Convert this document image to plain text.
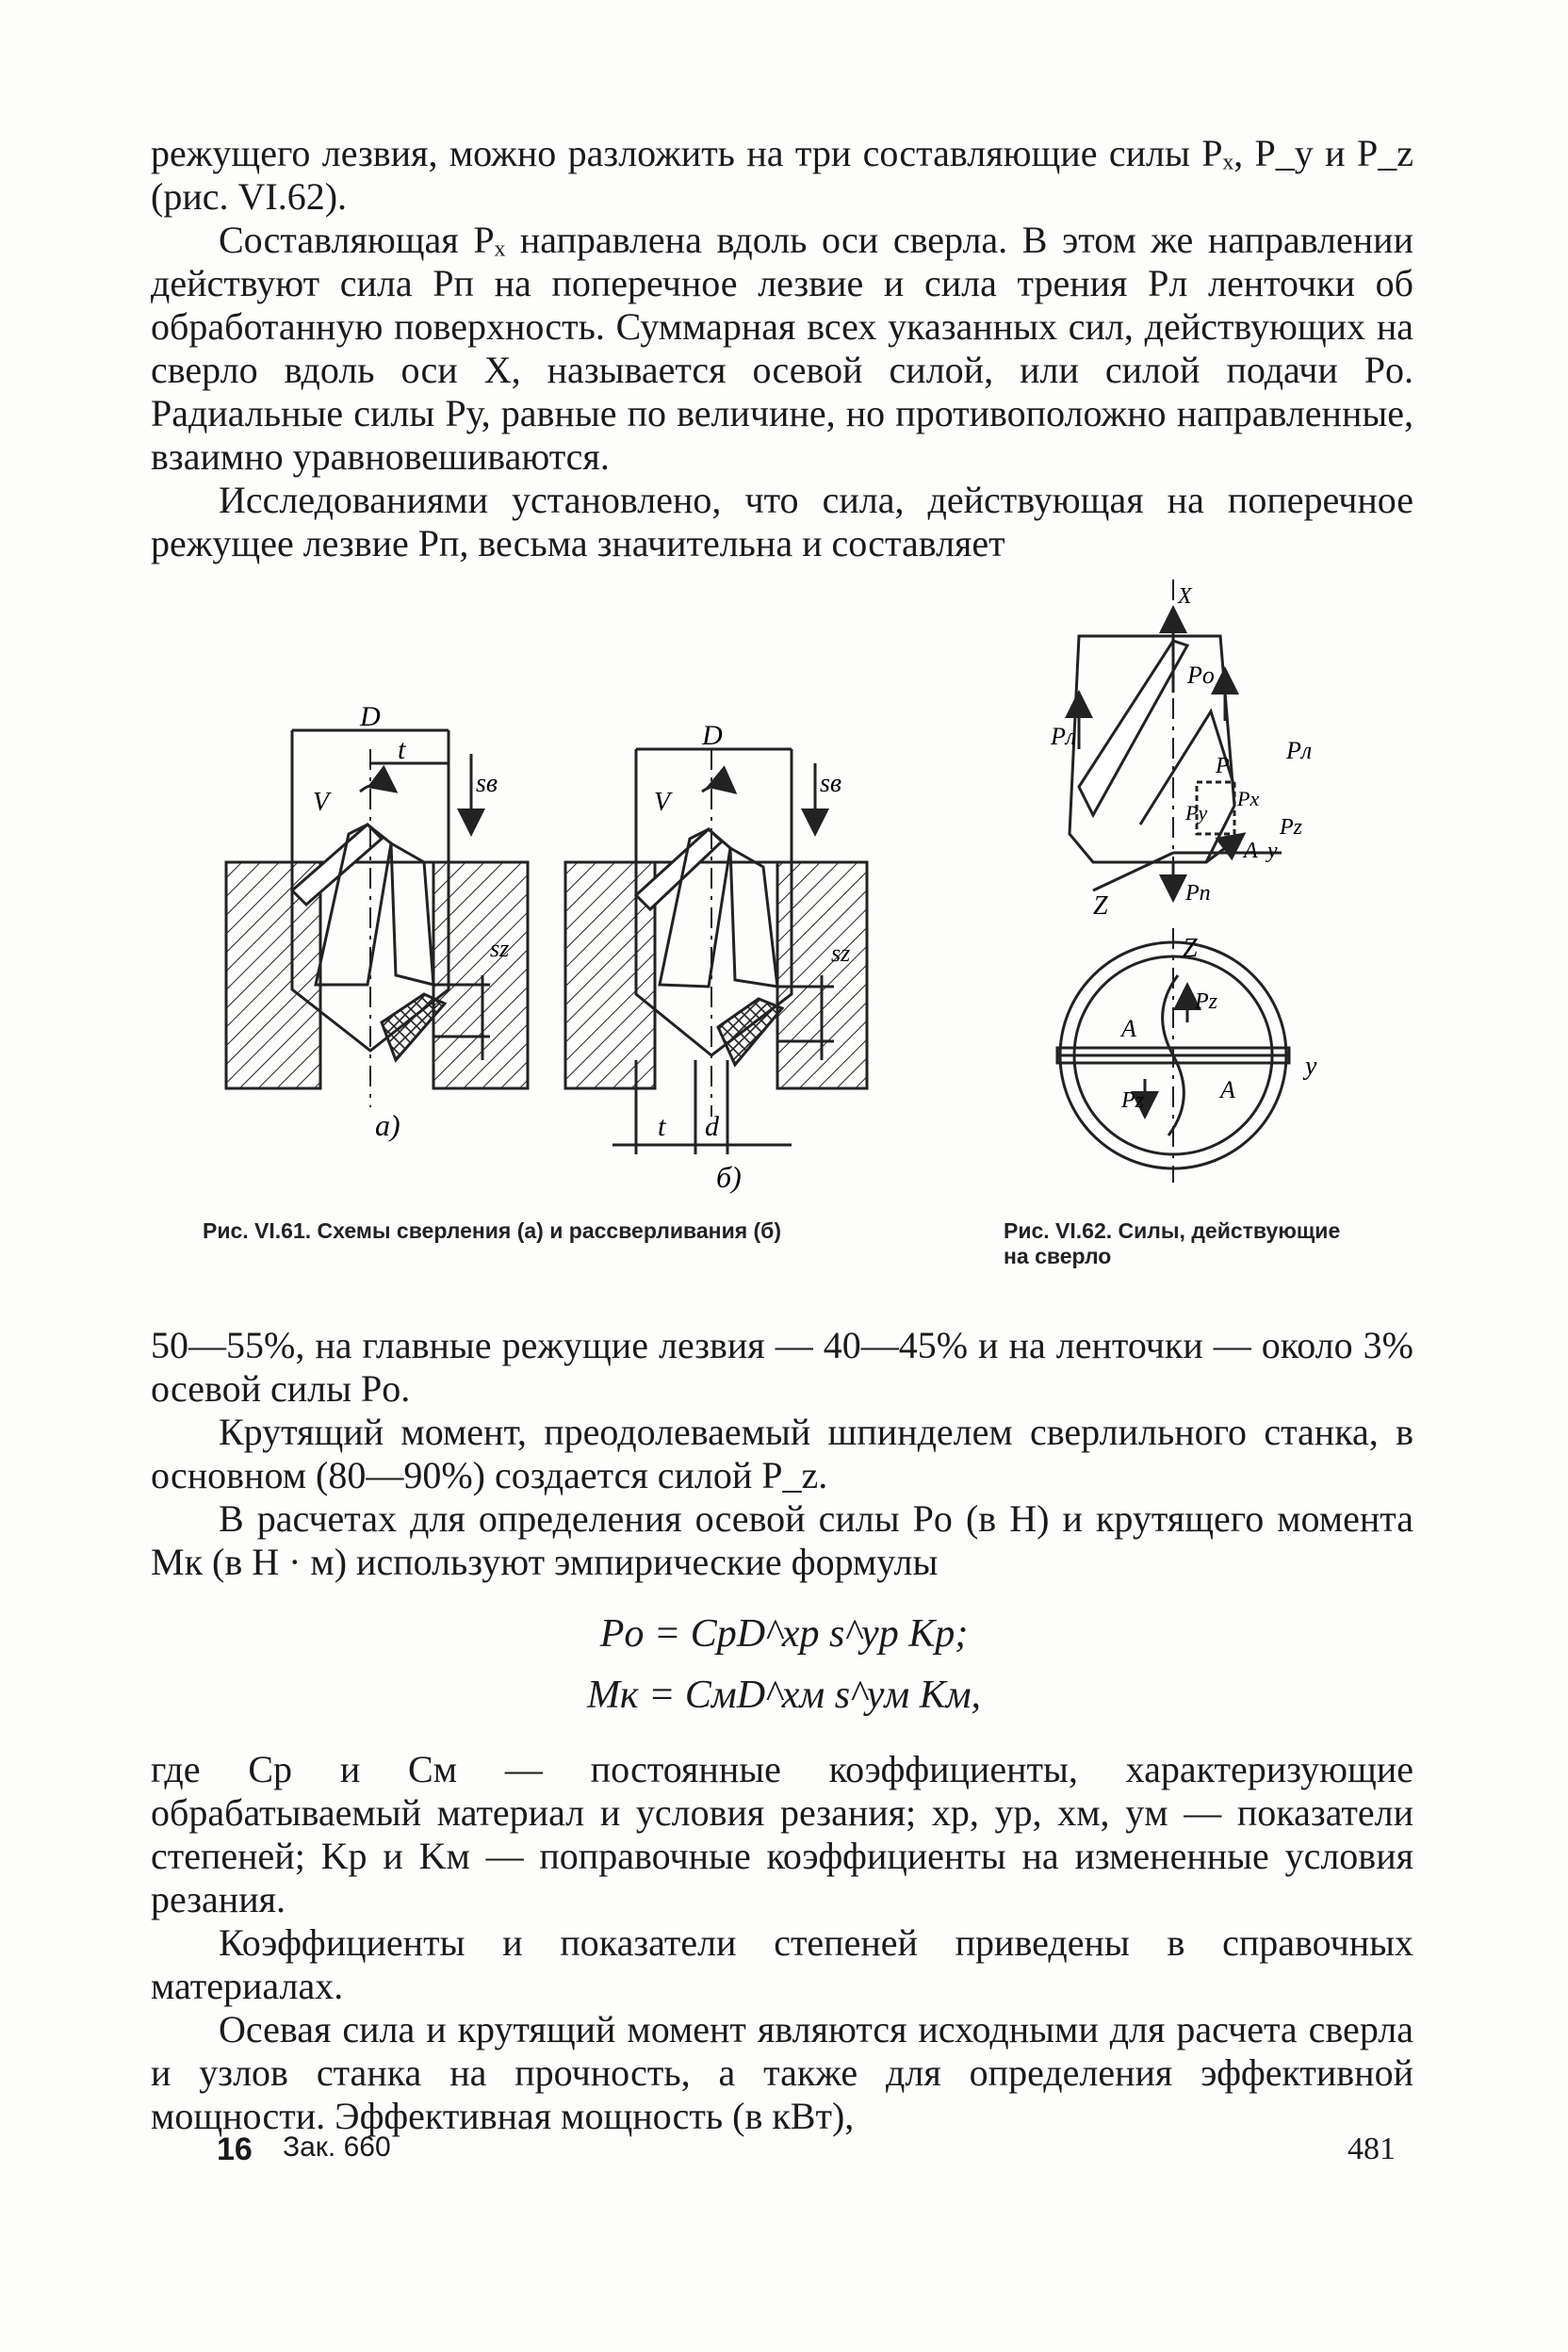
режущего лезвия, можно разложить на три составляющие силы Pₓ, P_y и P_z (рис. VI.62).

Составляющая Pₓ направлена вдоль оси сверла. В этом же направлении действуют сила Pп на поперечное лезвие и сила трения Pл ленточки об обработанную поверхность. Суммарная всех указанных сил, действующих на сверло вдоль оси X, называется осевой силой, или силой подачи Pо. Радиальные силы Pу, равные по величине, но противоположно направленные, взаимно уравновешиваются.

Исследованиями установлено, что сила, действующая на поперечное режущее лезвие Pп, весьма значительна и составляет

D
t
V
sв
sz
a)
D
V
sв
sz
t d
б)
X
Pо
Pл
Pл
P
Px
Py
Pz
A y
Z	Pп
Z
Pz
A
y
Pz	A
Рис. VI.61. Схемы сверления (а) и рассверливания (б)	Рис. VI.62. Силы, действующие на сверло

50—55%, на главные режущие лезвия — 40—45% и на ленточки — около 3% осевой силы Pо.

Крутящий момент, преодолеваемый шпинделем сверлильного станка, в основном (80—90%) создается силой P_z.

В расчетах для определения осевой силы Pо (в Н) и крутящего момента Mк (в Н · м) используют эмпирические формулы

Pо = CрD^xр s^yр Kр;
Mк = CмD^xм s^yм Kм,

где Cр и Cм — постоянные коэффициенты, характеризующие обрабатываемый материал и условия резания; xр, yр, xм, yм — показатели степеней; Kр и Kм — поправочные коэффициенты на измененные условия резания.

Коэффициенты и показатели степеней приведены в справочных материалах.

Осевая сила и крутящий момент являются исходными для расчета сверла и узлов станка на прочность, а также для определения эффективной мощности. Эффективная мощность (в кВт),

16 Зак. 660	481
